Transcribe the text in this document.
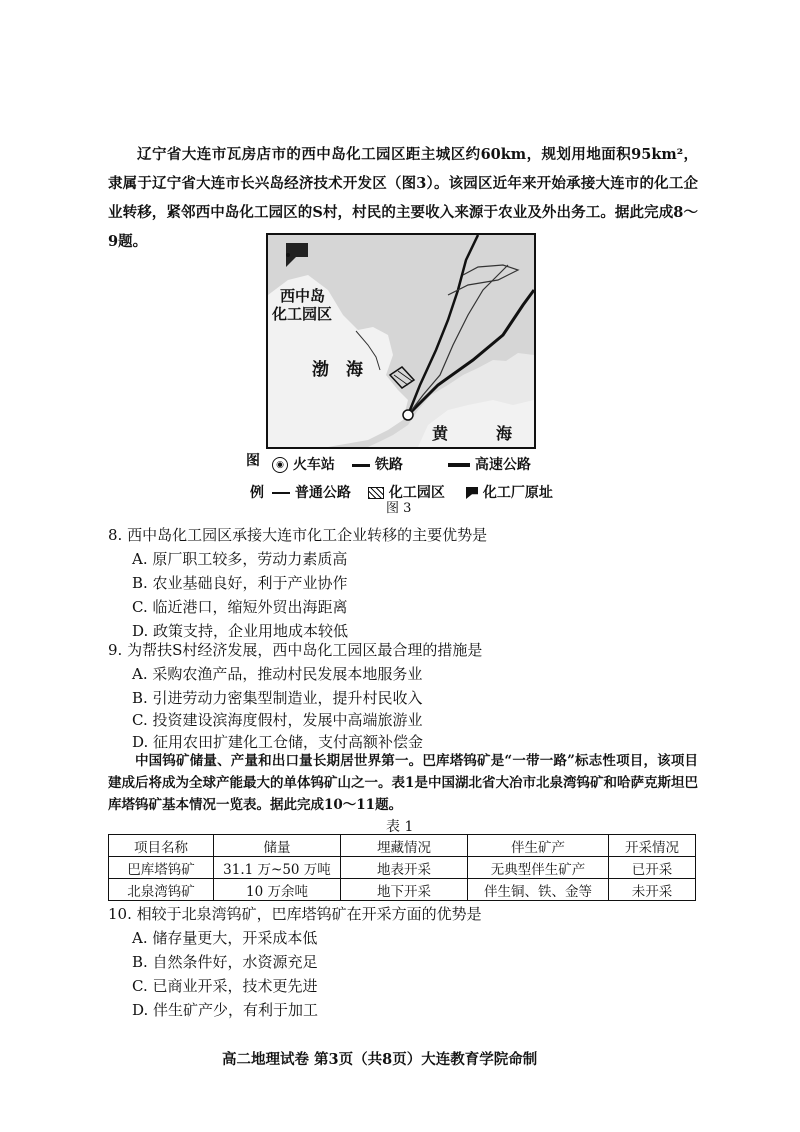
辽宁省大连市瓦房店市的西中岛化工园区距主城区约60km，规划用地面积95km²，隶属于辽宁省大连市长兴岛经济技术开发区（图3）。该园区近年来开始承接大连市的化工企业转移，紧邻西中岛化工园区的S村，村民的主要收入来源于农业及外出务工。据此完成8～9题。

西中岛
化工园区
渤　海
黄	海
图
例
◉ 火车站	铁路	高速公路
普通公路	化工园区	化工厂原址
图 3
8. 西中岛化工园区承接大连市化工企业转移的主要优势是
A. 原厂职工较多，劳动力素质高
B. 农业基础良好，利于产业协作
C. 临近港口，缩短外贸出海距离
D. 政策支持，企业用地成本较低
9. 为帮扶S村经济发展，西中岛化工园区最合理的措施是
A. 采购农渔产品，推动村民发展本地服务业
B. 引进劳动力密集型制造业，提升村民收入
C. 投资建设滨海度假村，发展中高端旅游业
D. 征用农田扩建化工仓储，支付高额补偿金

中国钨矿储量、产量和出口量长期居世界第一。巴库塔钨矿是“一带一路”标志性项目，该项目建成后将成为全球产能最大的单体钨矿山之一。表1是中国湖北省大冶市北泉湾钨矿和哈萨克斯坦巴库塔钨矿基本情况一览表。据此完成10～11题。

表 1
项目名称	储量	埋藏情况	伴生矿产	开采情况
巴库塔钨矿	31.1 万~50 万吨	地表开采	无典型伴生矿产	已开采
北泉湾钨矿	10 万余吨	地下开采	伴生铜、铁、金等	未开采
10. 相较于北泉湾钨矿，巴库塔钨矿在开采方面的优势是
A. 储存量更大，开采成本低
B. 自然条件好，水资源充足
C. 已商业开采，技术更先进
D. 伴生矿产少，有利于加工
高二地理试卷 第3页（共8页）大连教育学院命制
